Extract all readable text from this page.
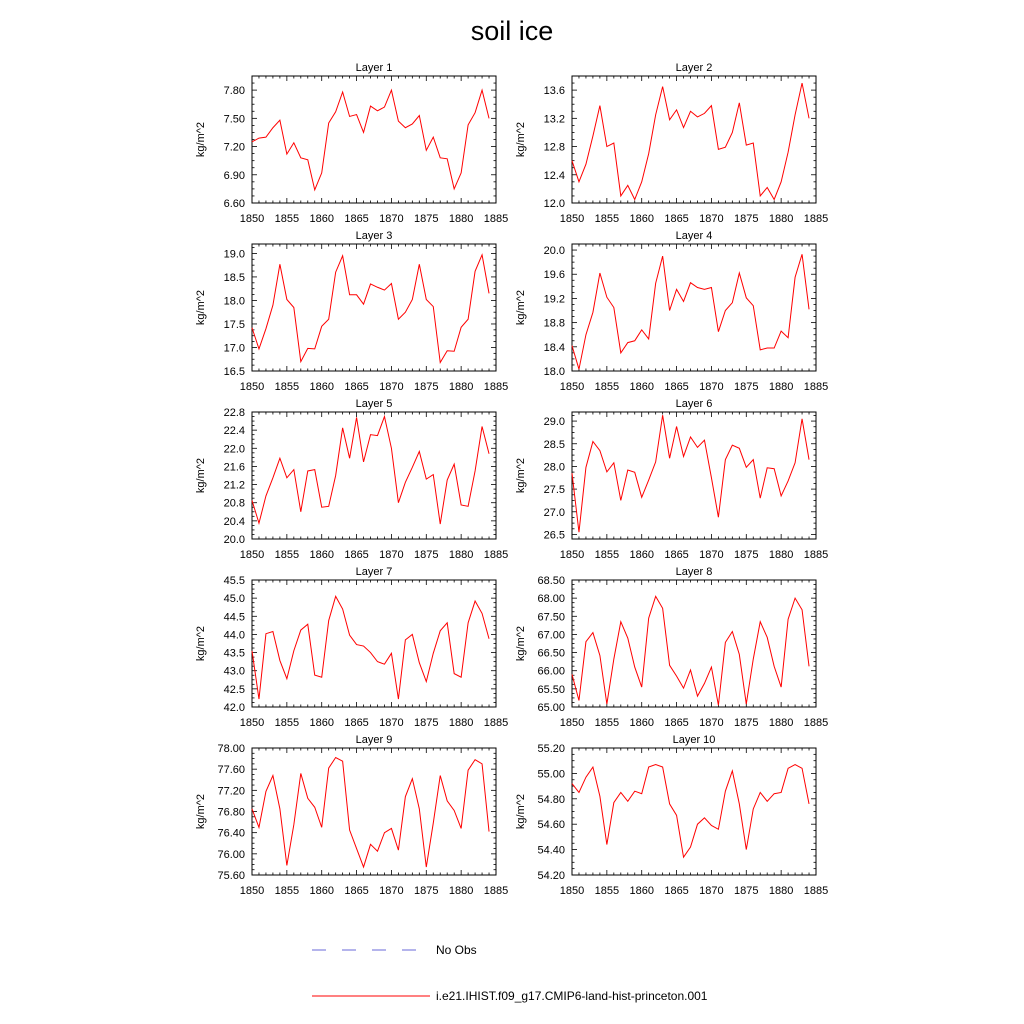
soil ice
Layer 1
1850 1855 1860 1865 1870 1875 1880 1885
6.60
6.90
7.20
7.50
7.80
kg/m^2
Layer 2
1850 1855 1860 1865 1870 1875 1880 1885
12.0
12.4
12.8
13.2
13.6
kg/m^2
Layer 3
1850 1855 1860 1865 1870 1875 1880 1885
16.5
17.0
17.5
18.0
18.5
19.0
kg/m^2
Layer 4
1850 1855 1860 1865 1870 1875 1880 1885
18.0
18.4
18.8
19.2
19.6
20.0
kg/m^2
Layer 5
1850 1855 1860 1865 1870 1875 1880 1885
20.0
20.4
20.8
21.2
21.6
22.0
22.4
22.8
kg/m^2
Layer 6
1850 1855 1860 1865 1870 1875 1880 1885
26.5
27.0
27.5
28.0
28.5
29.0
kg/m^2
Layer 7
1850 1855 1860 1865 1870 1875 1880 1885
42.0
42.5
43.0
43.5
44.0
44.5
45.0
45.5
kg/m^2
Layer 8
1850 1855 1860 1865 1870 1875 1880 1885
65.00
65.50
66.00
66.50
67.00
67.50
68.00
68.50
kg/m^2
Layer 9
1850 1855 1860 1865 1870 1875 1880 1885
75.60
76.00
76.40
76.80
77.20
77.60
78.00
kg/m^2
Layer 10
1850 1855 1860 1865 1870 1875 1880 1885
54.20
54.40
54.60
54.80
55.00
55.20
kg/m^2
No Obs
i.e21.IHIST.f09_g17.CMIP6-land-hist-princeton.001
